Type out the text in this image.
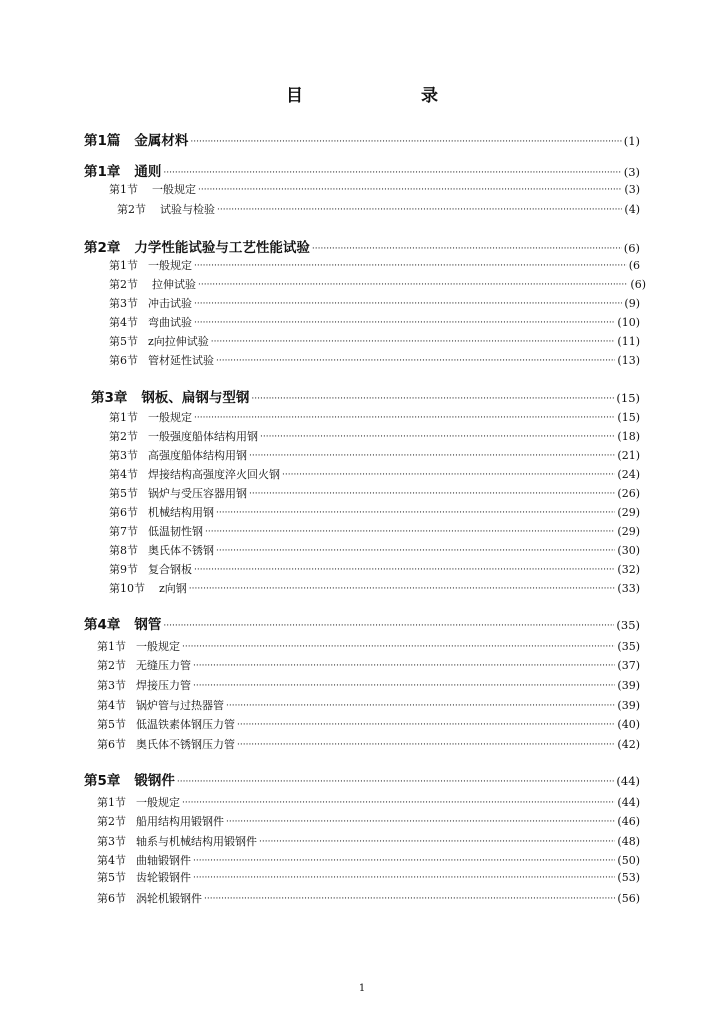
目　　录
第1篇 金属材料 ·····	(1)
第1章 通则 ·····	(3)
第1节 一般规定 ·····	(3)
第2节 试验与检验 ·····	(4)
第2章 力学性能试验与工艺性能试验 ·····	(6)
第1节 一般规定 ·····	(6
第2节 拉伸试验 ·····	(6)
第3节 冲击试验 ·····	(9)
第4节 弯曲试验 ·····	(10)
第5节 z向拉伸试验 ·····	(11)
第6节 管材延性试验 ·····	(13)
第3章 钢板、扁钢与型钢 ·····	(15)
第1节 一般规定 ·····	(15)
第2节 一般强度船体结构用钢 ·····	(18)
第3节 高强度船体结构用钢 ·····	(21)
第4节 焊接结构高强度淬火回火钢 ·····	(24)
第5节 锅炉与受压容器用钢 ·····	(26)
第6节 机械结构用钢 ·····	(29)
第7节 低温韧性钢 ·····	(29)
第8节 奥氏体不锈钢 ·····	(30)
第9节 复合钢板 ·····	(32)
第10节 z向钢 ·····	(33)
第4章 钢管 ·····	(35)
第1节 一般规定 ·····	(35)
第2节 无缝压力管 ·····	(37)
第3节 焊接压力管 ·····	(39)
第4节 锅炉管与过热器管 ·····	(39)
第5节 低温铁素体钢压力管 ·····	(40)
第6节 奥氏体不锈钢压力管 ·····	(42)
第5章 锻钢件 ·····	(44)
第1节 一般规定 ·····	(44)
第2节 船用结构用锻钢件 ·····	(46)
第3节 轴系与机械结构用锻钢件 ·····	(48)
第4节 曲轴锻钢件 ·····	(50)
第5节 齿轮锻钢件 ·····	(53)
第6节 涡轮机锻钢件 ·····	(56)
1
